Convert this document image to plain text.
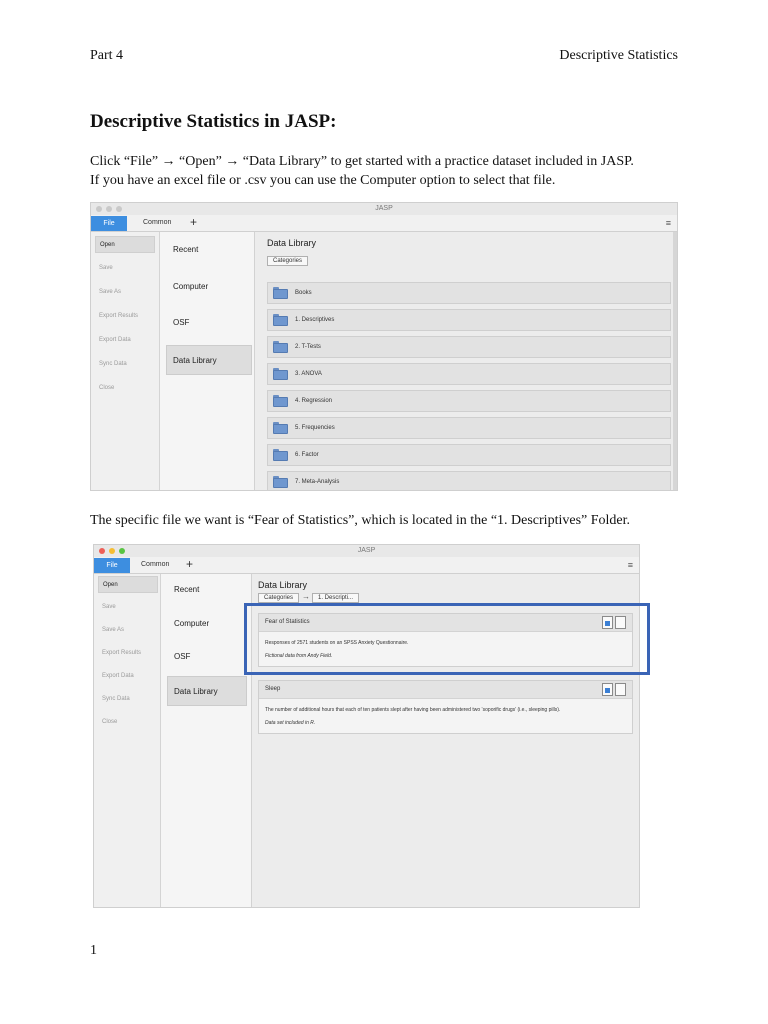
Part 4	Descriptive Statistics
Descriptive Statistics in JASP:
Click “File” → “Open” → “Data Library” to get started with a practice dataset included in JASP.
If you have an excel file or .csv you can use the Computer option to select that file.
JASP
File	Common +	≡
Open
Save
Save As
Export Results
Export Data
Sync Data
Close
Recent
Computer
OSF
Data Library
Data Library
Categories
Books
1. Descriptives
2. T-Tests
3. ANOVA
4. Regression
5. Frequencies
6. Factor
7. Meta-Analysis
The specific file we want is “Fear of Statistics”, which is located in the “1. Descriptives” Folder.
JASP
File	Common +	≡
Open
Save
Save As
Export Results
Export Data
Sync Data
Close
Recent
Computer
OSF
Data Library
Data Library
Categories	→	1. Descripti...
Fear of Statistics
Responses of 2571 students on an SPSS Anxiety Questionnaire.
Fictional data from Andy Field.
Sleep
The number of additional hours that each of ten patients slept after having been administered two ‘soporific drugs’ (i.e., sleeping pills).
Data set included in R.
1
